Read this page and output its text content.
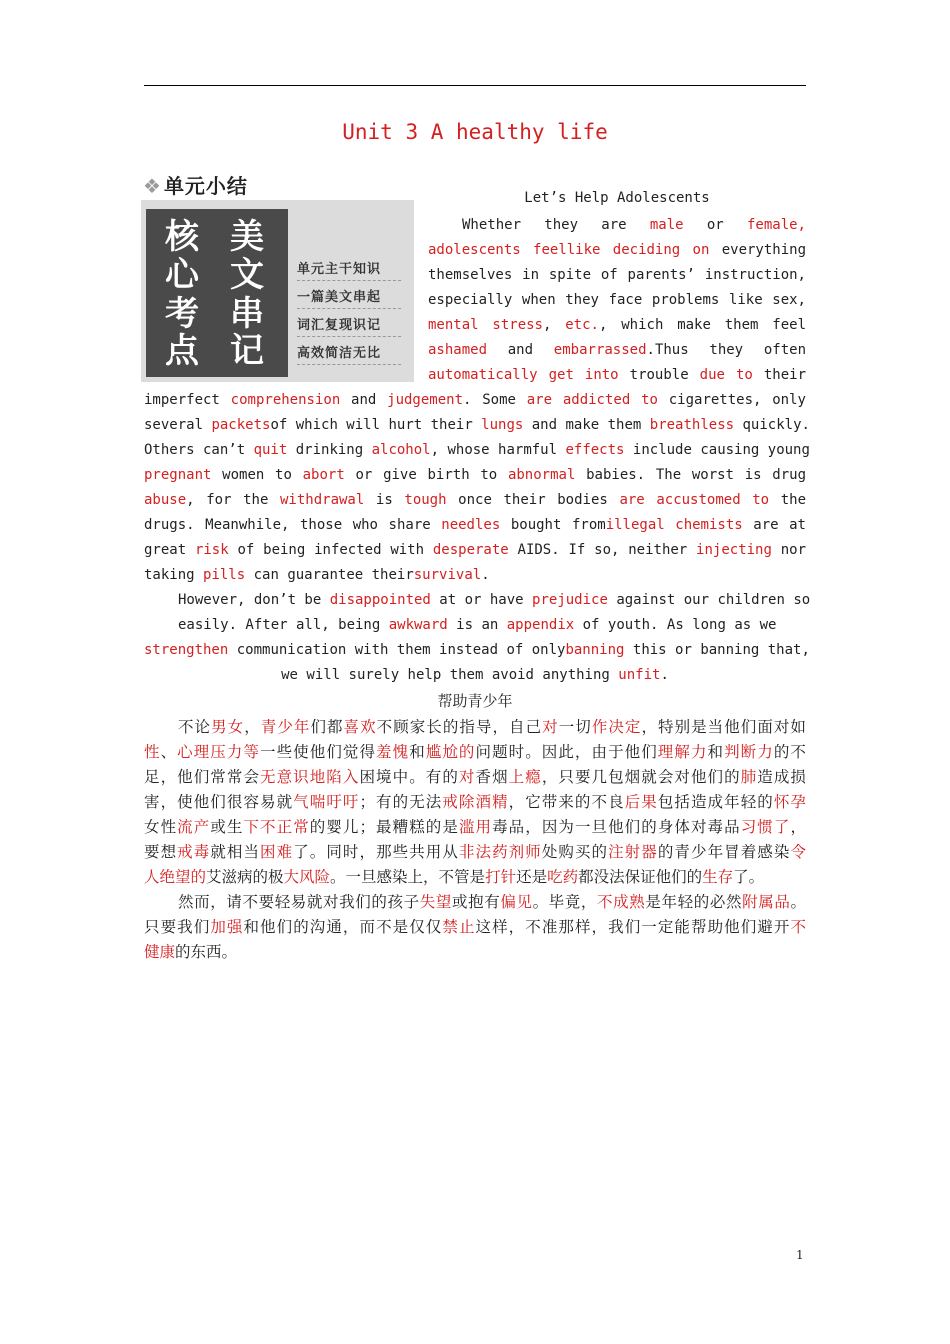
Unit 3 A healthy life
❖ 单元小结
核 美
心 文
考 串
点 记
单元主干知识
一篇美文串起
词汇复现识记
高效简洁无比
Let’s Help Adolescents
Whether they are male or female,
adolescents feellike deciding on everything
themselves in spite of parents’ instruction,
especially when they face problems like sex,
mental stress, etc., which make them feel
ashamed and embarrassed.Thus they often
automatically get into trouble due to their
imperfect comprehension and judgement. Some are addicted to cigarettes, only
several packetsof which will hurt their lungs and make them breathless quickly.
Others can’t quit drinking alcohol, whose harmful effects include causing young
pregnant women to abort or give birth to abnormal babies. The worst is drug
abuse, for the withdrawal is tough once their bodies are accustomed to the
drugs. Meanwhile, those who share needles bought fromillegal chemists are at
great risk of being infected with desperate AIDS. If so, neither injecting nor
taking pills can guarantee theirsurvival.
However, don’t be disappointed at or have prejudice against our children so
easily. After all, being awkward is an appendix of youth. As long as we
strengthen communication with them instead of onlybanning this or banning that,
we will surely help them avoid anything unfit.
帮助青少年
不论男女，青少年们都喜欢不顾家长的指导，自己对一切作决定，特别是当他们面对如
性、心理压力等一些使他们觉得羞愧和尴尬的问题时。因此，由于他们理解力和判断力的不
足，他们常常会无意识地陷入困境中。有的对香烟上瘾，只要几包烟就会对他们的肺造成损
害，使他们很容易就气喘吁吁；有的无法戒除酒精，它带来的不良后果包括造成年轻的怀孕
女性流产或生下不正常的婴儿；最糟糕的是滥用毒品，因为一旦他们的身体对毒品习惯了，
要想戒毒就相当困难了。同时，那些共用从非法药剂师处购买的注射器的青少年冒着感染令
人绝望的艾滋病的极大风险。一旦感染上，不管是打针还是吃药都没法保证他们的生存了。
然而，请不要轻易就对我们的孩子失望或抱有偏见。毕竟，不成熟是年轻的必然附属品。
只要我们加强和他们的沟通，而不是仅仅禁止这样，不准那样，我们一定能帮助他们避开不
健康的东西。
1
